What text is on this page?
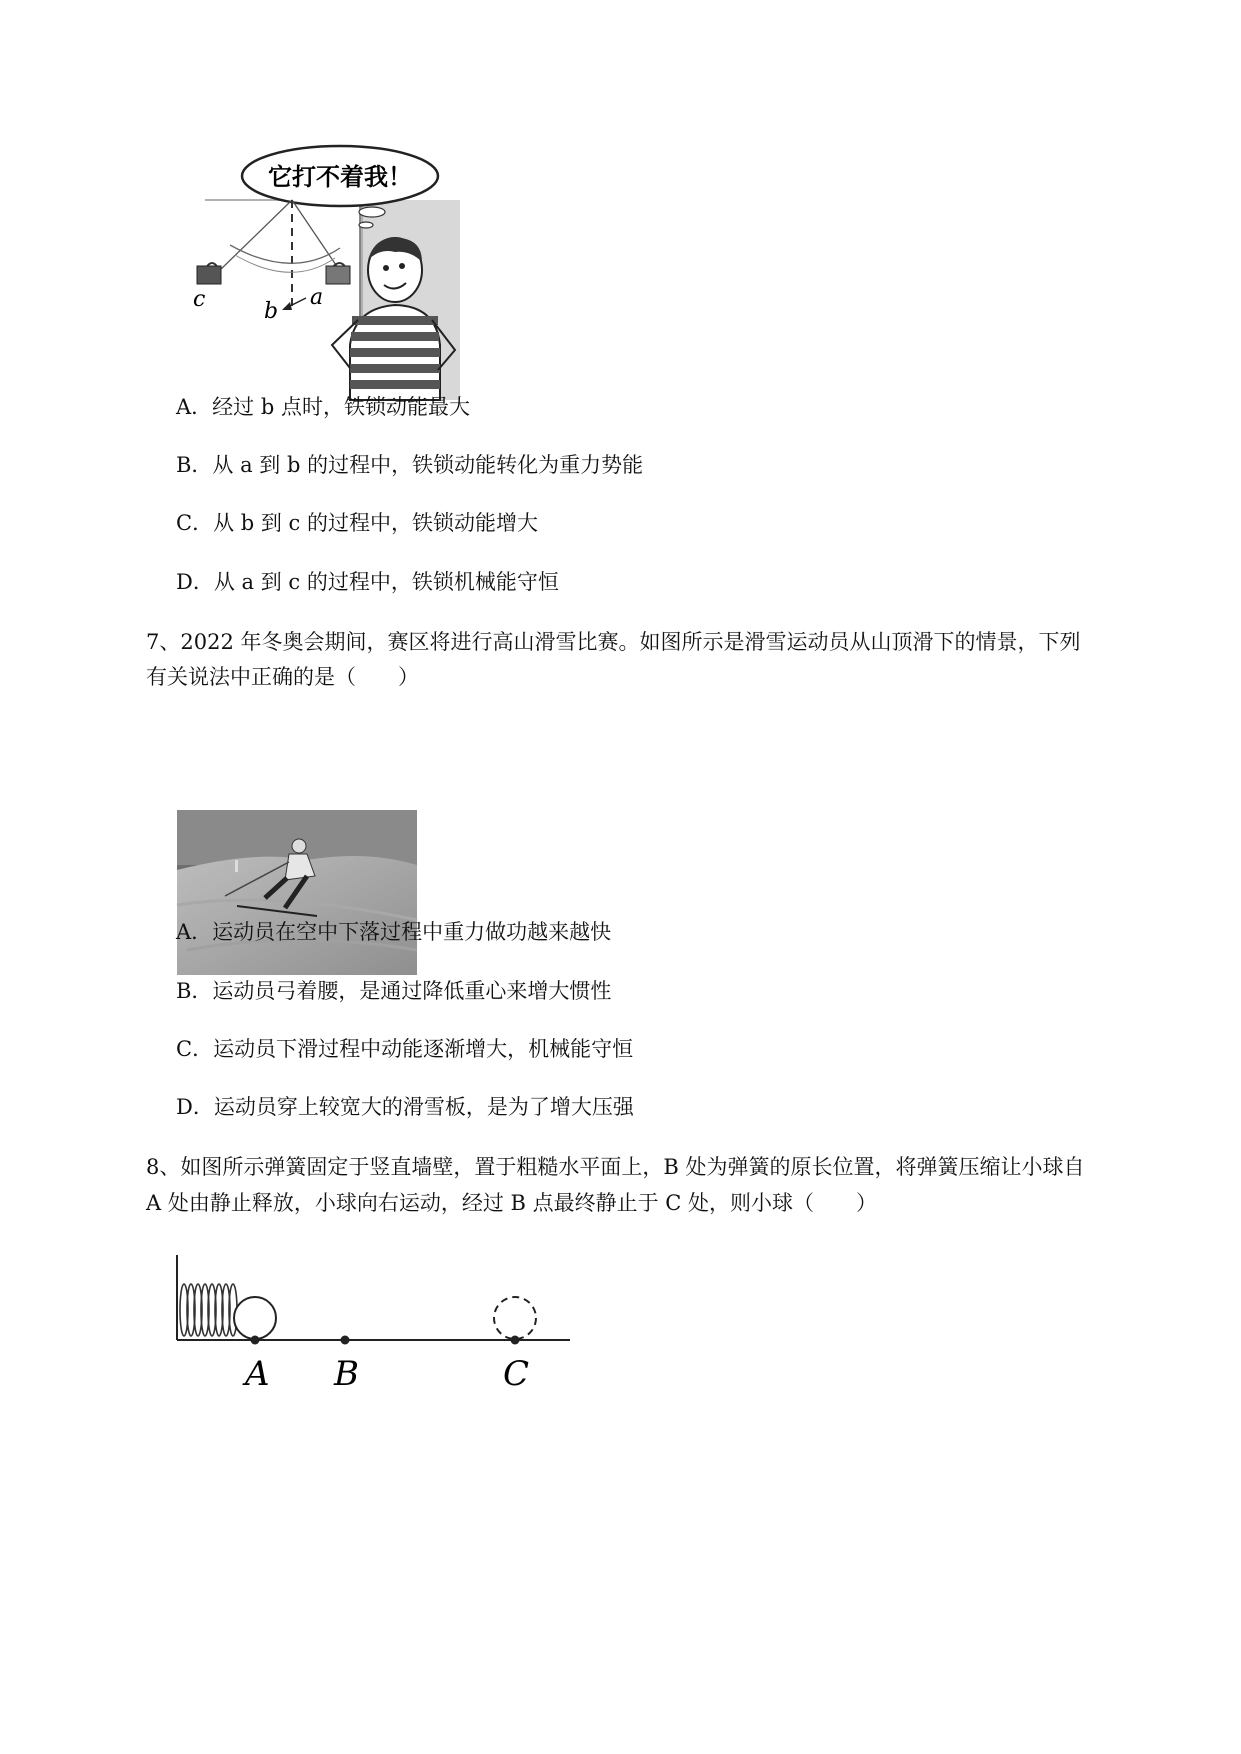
它打不着我！
c	b
a
A．经过 b 点时，铁锁动能最大
B．从 a 到 b 的过程中，铁锁动能转化为重力势能
C．从 b 到 c 的过程中，铁锁动能增大
D．从 a 到 c 的过程中，铁锁机械能守恒
7、2022 年冬奥会期间，赛区将进行高山滑雪比赛。如图所示是滑雪运动员从山顶滑下的情景，下列
有关说法中正确的是（　　）
A．运动员在空中下落过程中重力做功越来越快
B．运动员弓着腰，是通过降低重心来增大惯性
C．运动员下滑过程中动能逐渐增大，机械能守恒
D．运动员穿上较宽大的滑雪板，是为了增大压强
8、如图所示弹簧固定于竖直墙壁，置于粗糙水平面上，B 处为弹簧的原长位置，将弹簧压缩让小球自
A 处由静止释放，小球向右运动，经过 B 点最终静止于 C 处，则小球（　　）
A B	C
